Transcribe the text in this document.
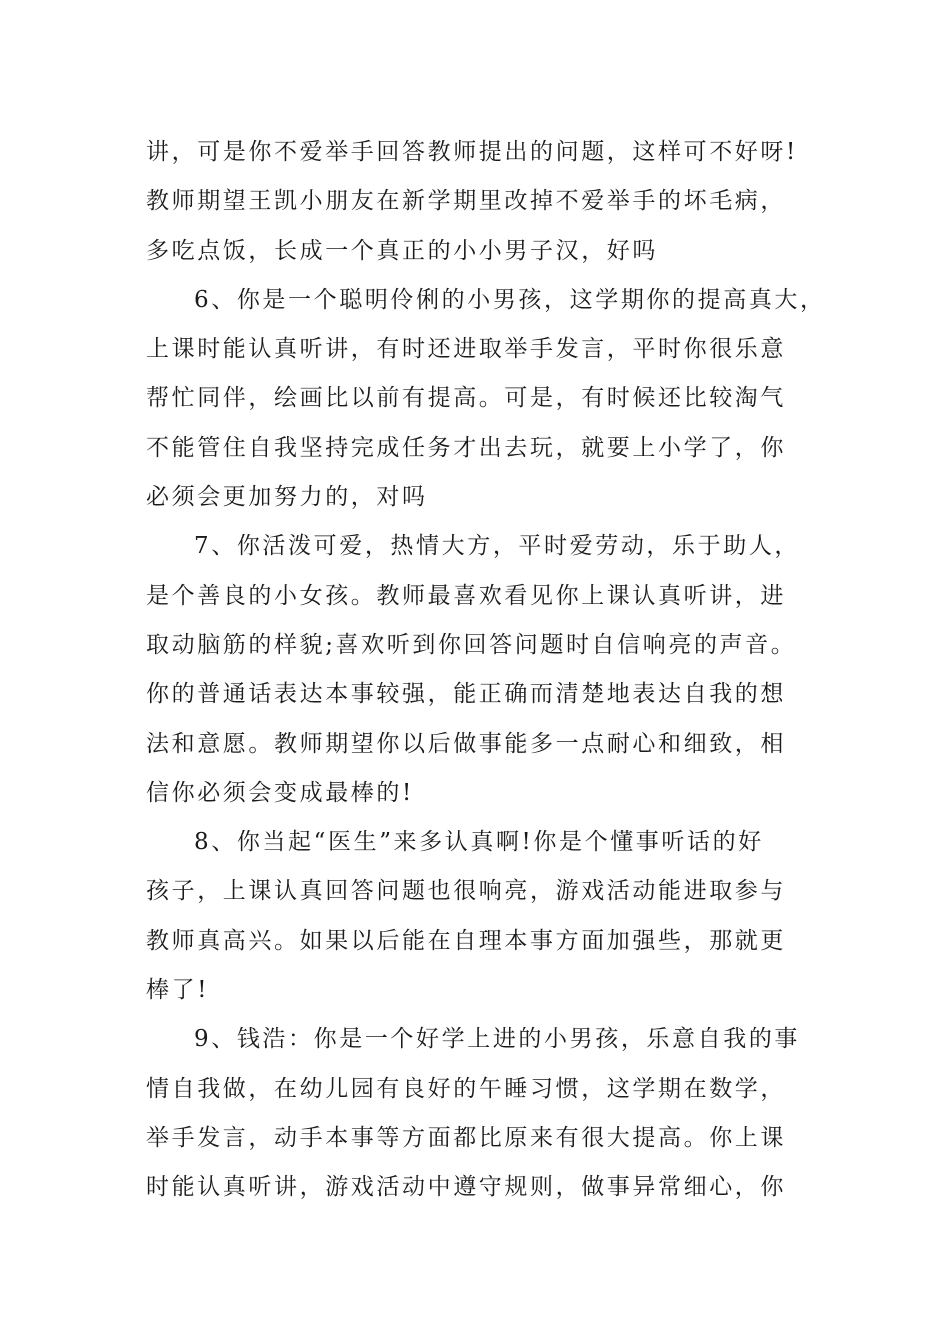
讲，可是你不爱举手回答教师提出的问题，这样可不好呀!
教师期望王凯小朋友在新学期里改掉不爱举手的坏毛病，
多吃点饭，长成一个真正的小小男子汉，好吗
6、你是一个聪明伶俐的小男孩，这学期你的提高真大，
上课时能认真听讲，有时还进取举手发言，平时你很乐意
帮忙同伴，绘画比以前有提高。可是，有时候还比较淘气
不能管住自我坚持完成任务才出去玩，就要上小学了，你
必须会更加努力的，对吗
7、你活泼可爱，热情大方，平时爱劳动，乐于助人，
是个善良的小女孩。教师最喜欢看见你上课认真听讲，进
取动脑筋的样貌;喜欢听到你回答问题时自信响亮的声音。
你的普通话表达本事较强，能正确而清楚地表达自我的想
法和意愿。教师期望你以后做事能多一点耐心和细致，相
信你必须会变成最棒的!
8、你当起“医生”来多认真啊!你是个懂事听话的好
孩子，上课认真回答问题也很响亮，游戏活动能进取参与
教师真高兴。如果以后能在自理本事方面加强些，那就更
棒了!
9、钱浩：你是一个好学上进的小男孩，乐意自我的事
情自我做，在幼儿园有良好的午睡习惯，这学期在数学，
举手发言，动手本事等方面都比原来有很大提高。你上课
时能认真听讲，游戏活动中遵守规则，做事异常细心，你
